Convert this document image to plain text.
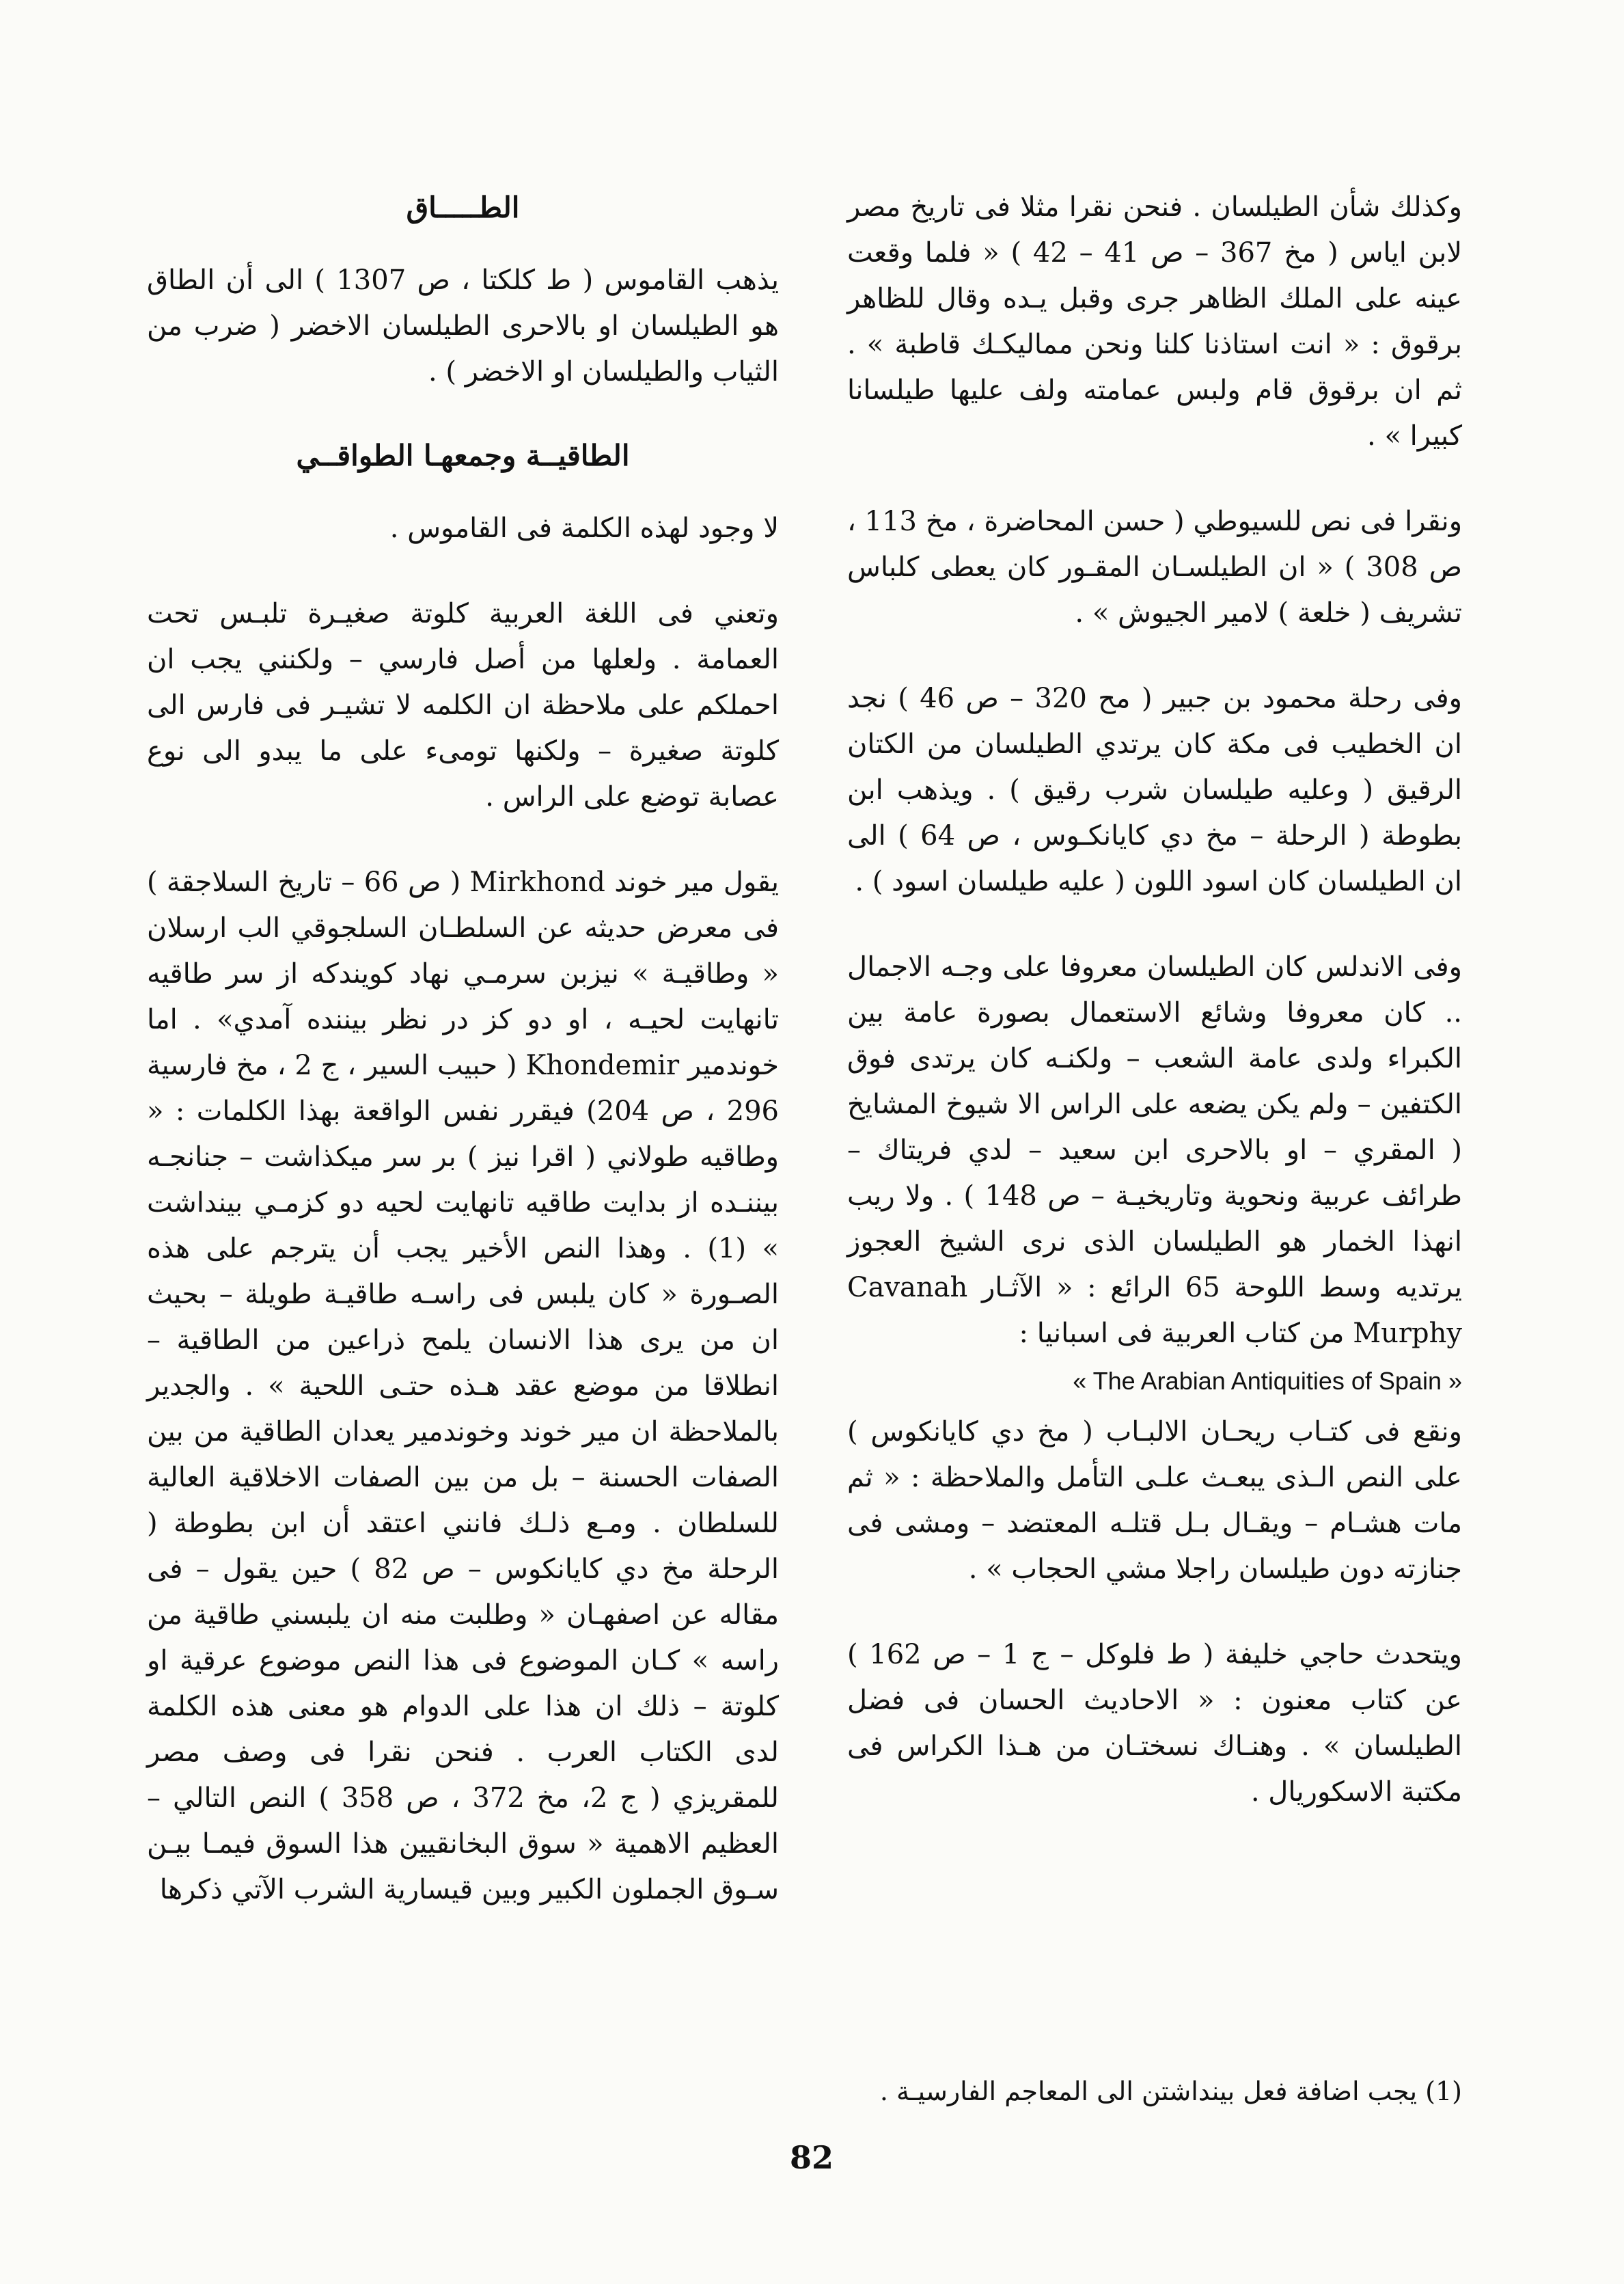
وكذلك شأن الطيلسان . فنحن نقرا مثلا فى تاريخ مصر لابن اياس ( مخ 367 – ص 41 – 42 ) « فلما وقعت عينه على الملك الظاهر جرى وقبل يـده وقال للظاهر برقوق : « انت استاذنا كلنا ونحن مماليكـك قاطبة » . ثم ان برقوق قام ولبس عمامته ولف عليها طيلسانا كبيرا » .

ونقرا فى نص للسيوطي ( حسن المحاضرة ، مخ 113 ، ص 308 ) « ان الطيلسـان المقـور كان يعطى كلباس تشريف ( خلعة ) لامير الجيوش » .

وفى رحلة محمود بن جبير ( مح 320 – ص 46 ) نجد ان الخطيب فى مكة كان يرتدي الطيلسان من الكتان الرقيق ( وعليه طيلسان شرب رقيق ) . ويذهب ابن بطوطة ( الرحلة – مخ دي كايانكـوس ، ص 64 ) الى ان الطيلسان كان اسود اللون ( عليه طيلسان اسود ) .

وفى الاندلس كان الطيلسان معروفا على وجـه الاجمال .. كان معروفا وشائع الاستعمال بصورة عامة بين الكبراء ولدى عامة الشعب – ولكنـه كان يرتدى فوق الكتفين – ولم يكن يضعه على الراس الا شيوخ المشايخ ( المقري – او بالاحرى ابن سعيد – لدي فريتاك – طرائف عربية ونحوية وتاريخيـة – ص 148 ) . ولا ريب انهذا الخمار هو الطيلسان الذى نرى الشيخ العجوز يرتديه وسط اللوحة 65 الرائع : « الآثـار Cavanah Murphy من كتاب العربية فى اسبانيا :

« The Arabian Antiquities of Spain »

ونقع فى كتـاب ريحـان الالبـاب ( مخ دي كايانكوس ) على النص الـذى يبعـث علـى التأمل والملاحظة : « ثم مات هشـام – ويقـال بـل قتلـه المعتضد – ومشى فى جنازته دون طيلسان راجلا مشي الحجاب » .

ويتحدث حاجي خليفة ( ط فلوكل – ج 1 – ص 162 ) عن كتاب معنون : « الاحاديث الحسان فى فضل الطيلسان » . وهنـاك نسختـان من هـذا الكراس فى مكتبة الاسكوريال .

الطـــــاق

يذهب القاموس ( ط كلكتا ، ص 1307 ) الى أن الطاق هو الطيلسان او بالاحرى الطيلسان الاخضر ( ضرب من الثياب والطيلسان او الاخضر ) .

الطاقيــة وجمعهـا الطواقــي

لا وجود لهذه الكلمة فى القاموس .

وتعني فى اللغة العربية كلوتة صغيـرة تلبـس تحت العمامة . ولعلها من أصل فارسي – ولكنني يجب ان احملكم على ملاحظة ان الكلمه لا تشيـر فى فارس الى كلوتة صغيرة – ولكنها تومىء على ما يبدو الى نوع عصابة توضع على الراس .

يقول مير خوند Mirkhond ( ص 66 – تاريخ السلاجقة ) فى معرض حديثه عن السلطـان السلجوقي الب ارسلان « وطاقيـة » نيزبن سرمـي نهاد كويندكه از سر طاقيه تانهايت لحيـه ، او دو كز در نظر بيننده آمدي» . اما خوندمير Khondemir ( حبيب السير ، ج 2 ، مخ فارسية 296 ، ص 204) فيقرر نفس الواقعة بهذا الكلمات : « وطاقيه طولاني ( اقرا نيز ) بر سر ميكذاشت – جنانجـه بيننـده از بدايت طاقيه تانهايت لحيه دو كزمـي بينداشت » (1) . وهذا النص الأخير يجب أن يترجم على هذه الصـورة « كان يلبس فى راسـه طاقيـة طويلة – بحيث ان من يرى هذا الانسان يلمح ذراعين من الطاقية – انطلاقا من موضع عقد هـذه حتـى اللحية » . والجدير بالملاحظة ان مير خوند وخوندمير يعدان الطاقية من بين الصفات الحسنة – بل من بين الصفات الاخلاقية العالية للسلطان . ومـع ذلـك فانني اعتقد أن ابن بطوطة ( الرحلة مخ دي كايانكوس – ص 82 ) حين يقول – فى مقاله عن اصفهـان « وطلبت منه ان يلبسني طاقية من راسه » كـان الموضوع فى هذا النص موضوع عرقية او كلوتة – ذلك ان هذا على الدوام هو معنى هذه الكلمة لدى الكتاب العرب . فنحن نقرا فى وصف مصر للمقريزي ( ج 2، مخ 372 ، ص 358 ) النص التالي – العظيم الاهمية « سوق البخانقيين هذا السوق فيمـا بيـن سـوق الجملون الكبير وبين قيسارية الشرب الآتي ذكرها

(1) يجب اضافة فعل بينداشتن الى المعاجم الفارسيـة .

82
